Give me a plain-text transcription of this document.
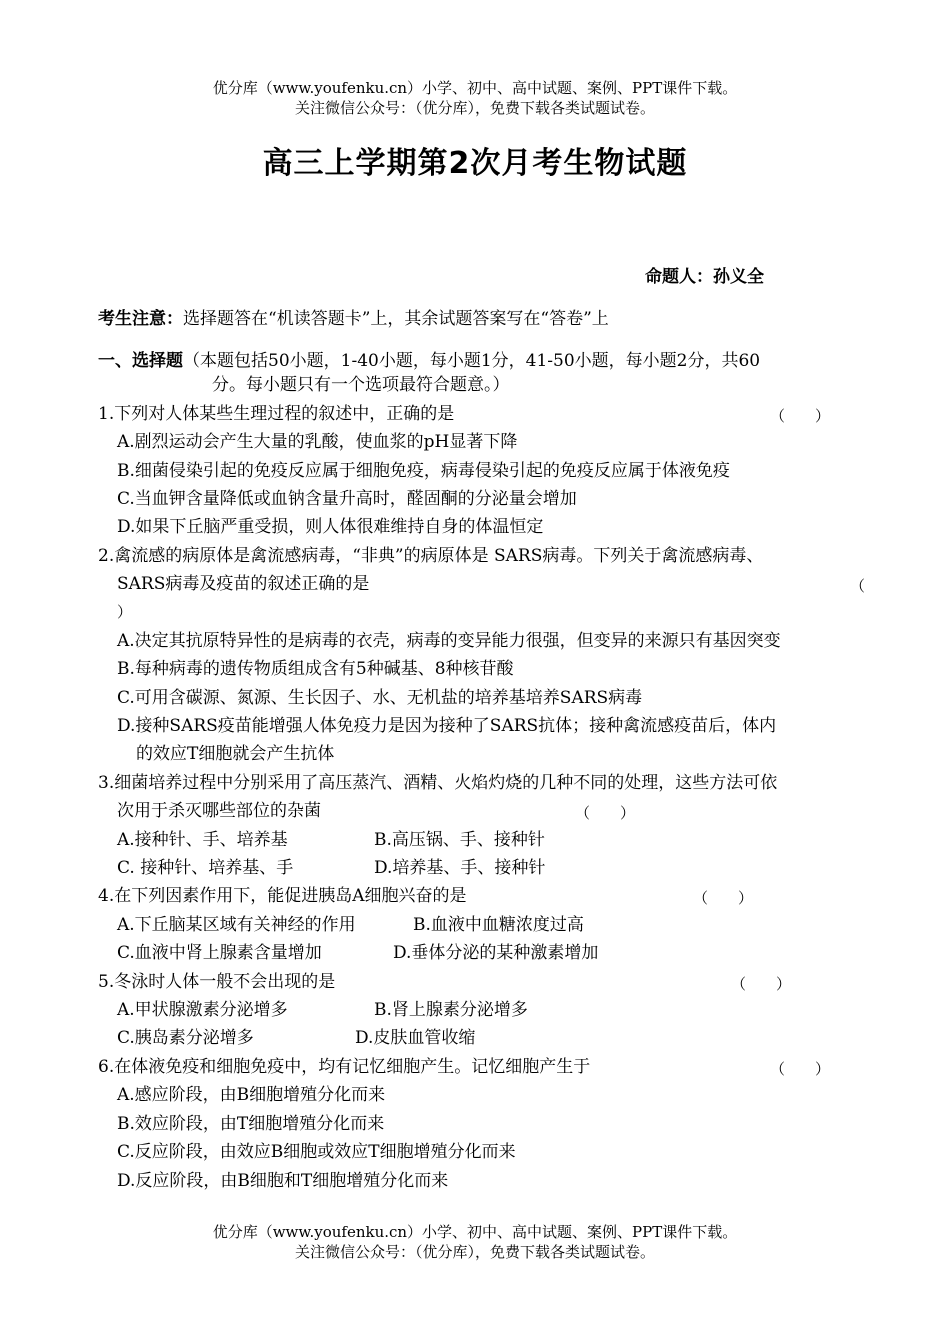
优分库（www.youfenku.cn）小学、初中、高中试题、案例、PPT课件下载。
关注微信公众号：（优分库），免费下载各类试题试卷。
高三上学期第2次月考生物试题
命题人：孙义全
考生注意：选择题答在“机读答题卡”上，其余试题答案写在“答卷”上
一、选择题（本题包括50小题，1-40小题，每小题1分，41-50小题，每小题2分，共60
分。每小题只有一个选项最符合题意。）
1.下列对人体某些生理过程的叙述中，正确的是	（　　）
A.剧烈运动会产生大量的乳酸，使血浆的pH显著下降
B.细菌侵染引起的免疫反应属于细胞免疫，病毒侵染引起的免疫反应属于体液免疫
C.当血钾含量降低或血钠含量升高时，醛固酮的分泌量会增加
D.如果下丘脑严重受损，则人体很难维持自身的体温恒定
2.禽流感的病原体是禽流感病毒，“非典”的病原体是 SARS病毒。下列关于禽流感病毒、
SARS病毒及疫苗的叙述正确的是	（
）
A.决定其抗原特异性的是病毒的衣壳，病毒的变异能力很强，但变异的来源只有基因突变
B.每种病毒的遗传物质组成含有5种碱基、8种核苷酸
C.可用含碳源、氮源、生长因子、水、无机盐的培养基培养SARS病毒
D.接种SARS疫苗能增强人体免疫力是因为接种了SARS抗体；接种禽流感疫苗后，体内
的效应T细胞就会产生抗体
3.细菌培养过程中分别采用了高压蒸汽、酒精、火焰灼烧的几种不同的处理，这些方法可依
次用于杀灭哪些部位的杂菌	（　　）
A.接种针、手、培养基	B.高压锅、手、接种针
C. 接种针、培养基、手	D.培养基、手、接种针
4.在下列因素作用下，能促进胰岛A细胞兴奋的是	（　　）
A.下丘脑某区域有关神经的作用	B.血液中血糖浓度过高
C.血液中肾上腺素含量增加	D.垂体分泌的某种激素增加
5.冬泳时人体一般不会出现的是	（　　）
A.甲状腺激素分泌增多	B.肾上腺素分泌增多
C.胰岛素分泌增多	D.皮肤血管收缩
6.在体液免疫和细胞免疫中，均有记忆细胞产生。记忆细胞产生于	（　　）
A.感应阶段，由B细胞增殖分化而来
B.效应阶段，由T细胞增殖分化而来
C.反应阶段，由效应B细胞或效应T细胞增殖分化而来
D.反应阶段，由B细胞和T细胞增殖分化而来
优分库（www.youfenku.cn）小学、初中、高中试题、案例、PPT课件下载。
关注微信公众号：（优分库），免费下载各类试题试卷。
